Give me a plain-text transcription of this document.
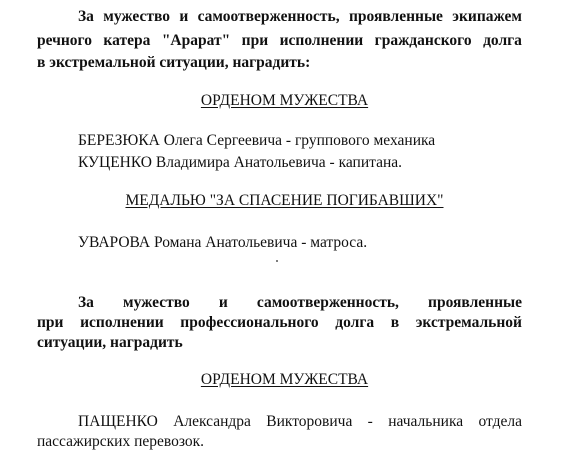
За мужество и самоотверженность, проявленные экипажем
речного катера "Арарат" при исполнении гражданского долга
в экстремальной ситуации, наградить:
ОРДЕНОМ МУЖЕСТВА
БЕРЕЗЮКА Олега Сергеевича - группового механика
КУЦЕНКО Владимира Анатольевича - капитана.
МЕДАЛЬЮ "ЗА СПАСЕНИЕ ПОГИБАВШИХ"
УВАРОВА Романа Анатольевича - матроса.
За мужество и самоотверженность, проявленные
при исполнении профессионального долга в экстремальной
ситуации, наградить
ОРДЕНОМ МУЖЕСТВА
ПАЩЕНКО Александра Викторовича - начальника отдела
пассажирских перевозок.
